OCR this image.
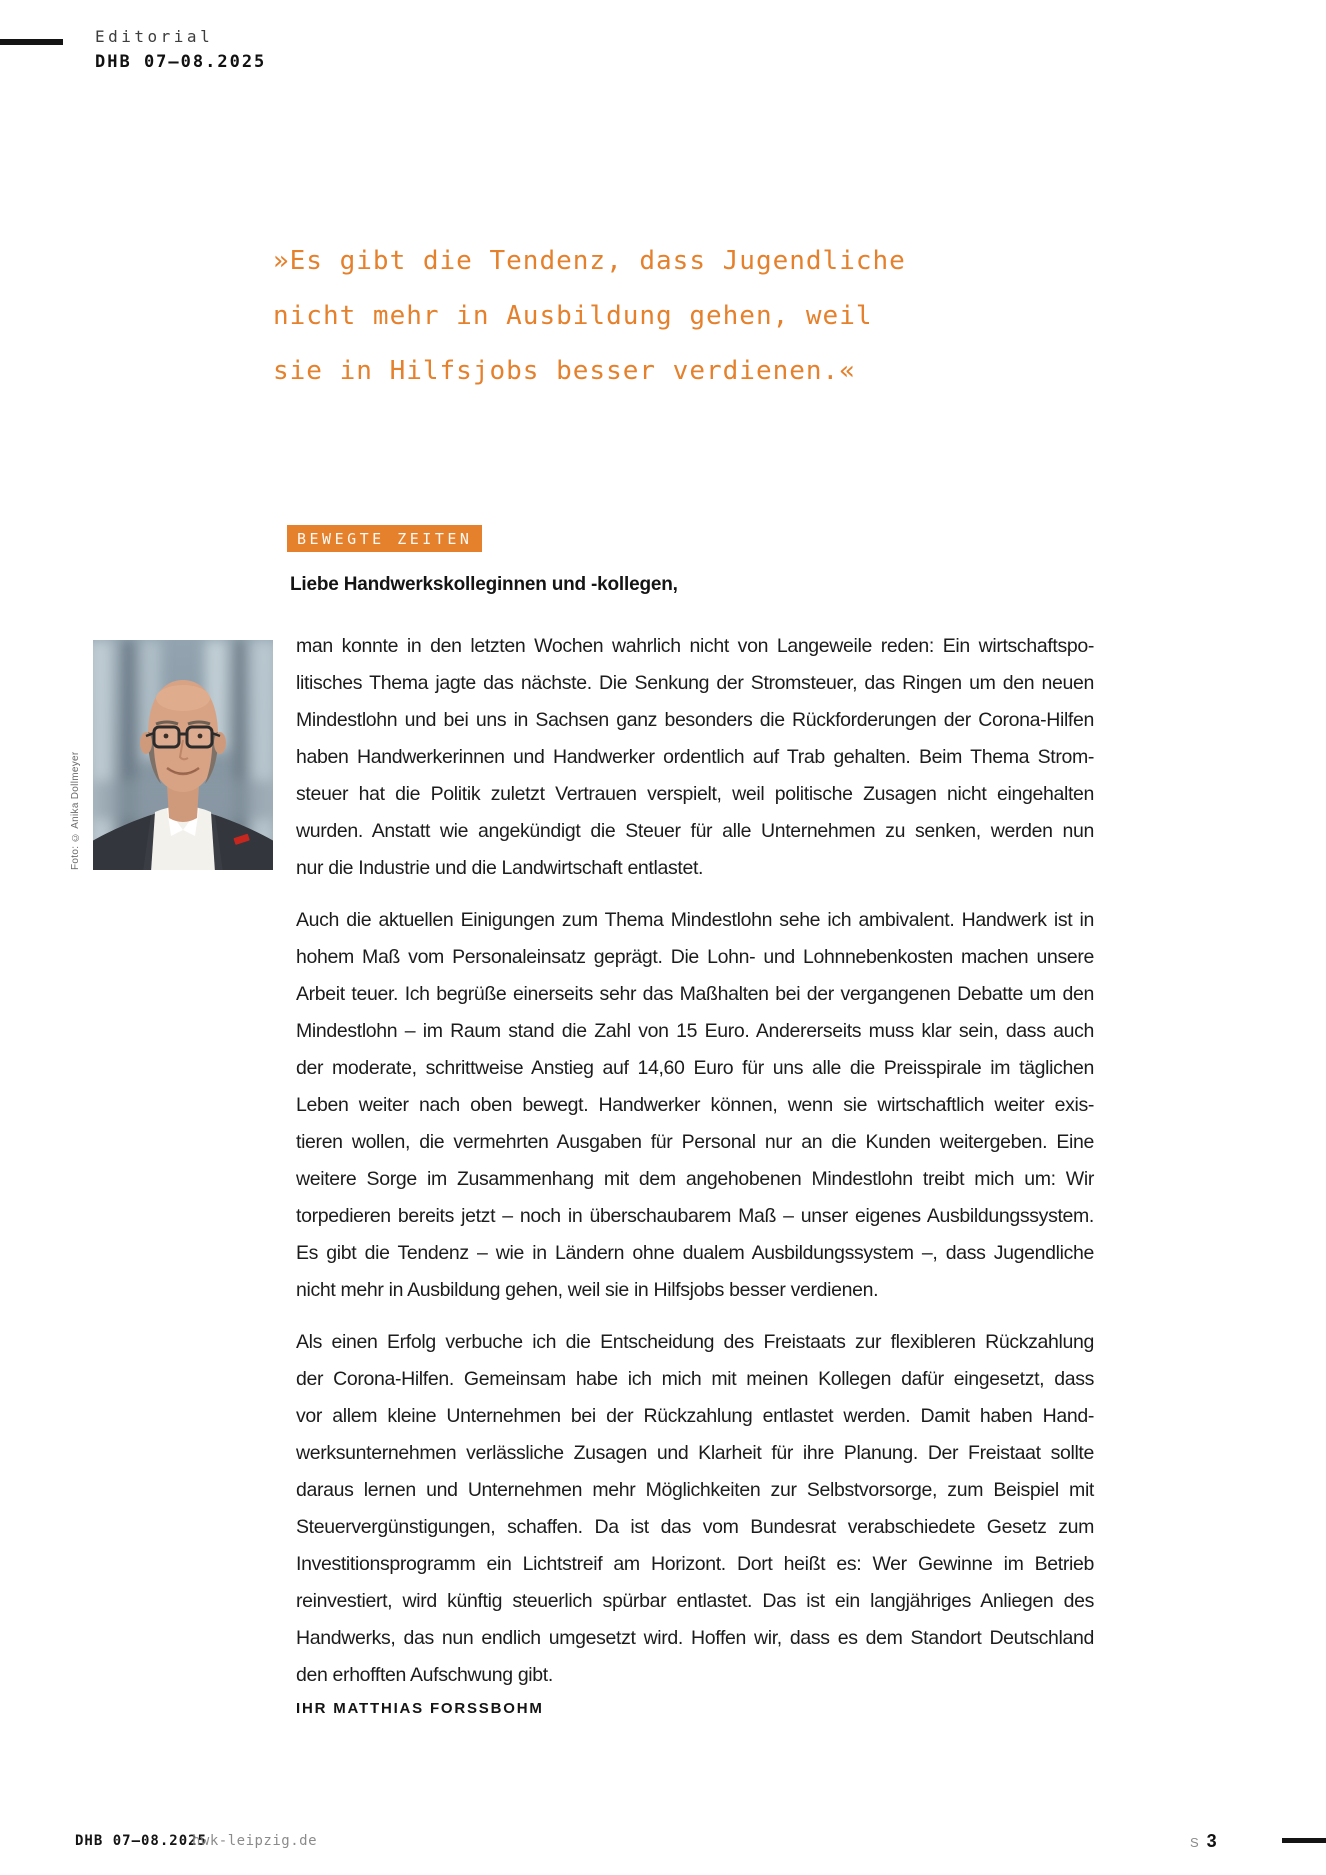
Editorial
DHB 07–08.2025
»Es gibt die Tendenz, dass Jugendliche
nicht mehr in Ausbildung gehen, weil
sie in Hilfsjobs besser verdienen.«
BEWEGTE ZEITEN
Liebe Handwerkskolleginnen und -kollegen,
Foto: © Anika Dollmeyer
man konnte in den letzten Wochen wahrlich nicht von Langeweile reden: Ein wirtschaftspo-
litisches Thema jagte das nächste. Die Senkung der Stromsteuer, das Ringen um den neuen
Mindestlohn und bei uns in Sachsen ganz besonders die Rückforderungen der Corona-Hilfen
haben Handwerkerinnen und Handwerker ordentlich auf Trab gehalten. Beim Thema Strom-
steuer hat die Politik zuletzt Vertrauen verspielt, weil politische Zusagen nicht eingehalten
wurden. Anstatt wie angekündigt die Steuer für alle Unternehmen zu senken, werden nun
nur die Industrie und die Landwirtschaft entlastet.
Auch die aktuellen Einigungen zum Thema Mindestlohn sehe ich ambivalent. Handwerk ist in
hohem Maß vom Personaleinsatz geprägt. Die Lohn- und Lohnnebenkosten machen unsere
Arbeit teuer. Ich begrüße einerseits sehr das Maßhalten bei der vergangenen Debatte um den
Mindestlohn – im Raum stand die Zahl von 15 Euro. Andererseits muss klar sein, dass auch
der moderate, schrittweise Anstieg auf 14,60 Euro für uns alle die Preisspirale im täglichen
Leben weiter nach oben bewegt. Handwerker können, wenn sie wirtschaftlich weiter exis-
tieren wollen, die vermehrten Ausgaben für Personal nur an die Kunden weitergeben. Eine
weitere Sorge im Zusammenhang mit dem angehobenen Mindestlohn treibt mich um: Wir
torpedieren bereits jetzt – noch in überschaubarem Maß – unser eigenes Ausbildungssystem.
Es gibt die Tendenz – wie in Ländern ohne dualem Ausbildungssystem –, dass Jugendliche
nicht mehr in Ausbildung gehen, weil sie in Hilfsjobs besser verdienen.
Als einen Erfolg verbuche ich die Entscheidung des Freistaats zur flexibleren Rückzahlung
der Corona-Hilfen. Gemeinsam habe ich mich mit meinen Kollegen dafür eingesetzt, dass
vor allem kleine Unternehmen bei der Rückzahlung entlastet werden. Damit haben Hand-
werksunternehmen verlässliche Zusagen und Klarheit für ihre Planung. Der Freistaat sollte
daraus lernen und Unternehmen mehr Möglichkeiten zur Selbstvorsorge, zum Beispiel mit
Steuervergünstigungen, schaffen. Da ist das vom Bundesrat verabschiedete Gesetz zum
Investitionsprogramm ein Lichtstreif am Horizont. Dort heißt es: Wer Gewinne im Betrieb
reinvestiert, wird künftig steuerlich spürbar entlastet. Das ist ein langjähriges Anliegen des
Handwerks, das nun endlich umgesetzt wird. Hoffen wir, dass es dem Standort Deutschland
den erhofften Aufschwung gibt.
IHR MATTHIAS FORSSBOHM
DHB 07–08.2025
hwk-leipzig.de	S 3
